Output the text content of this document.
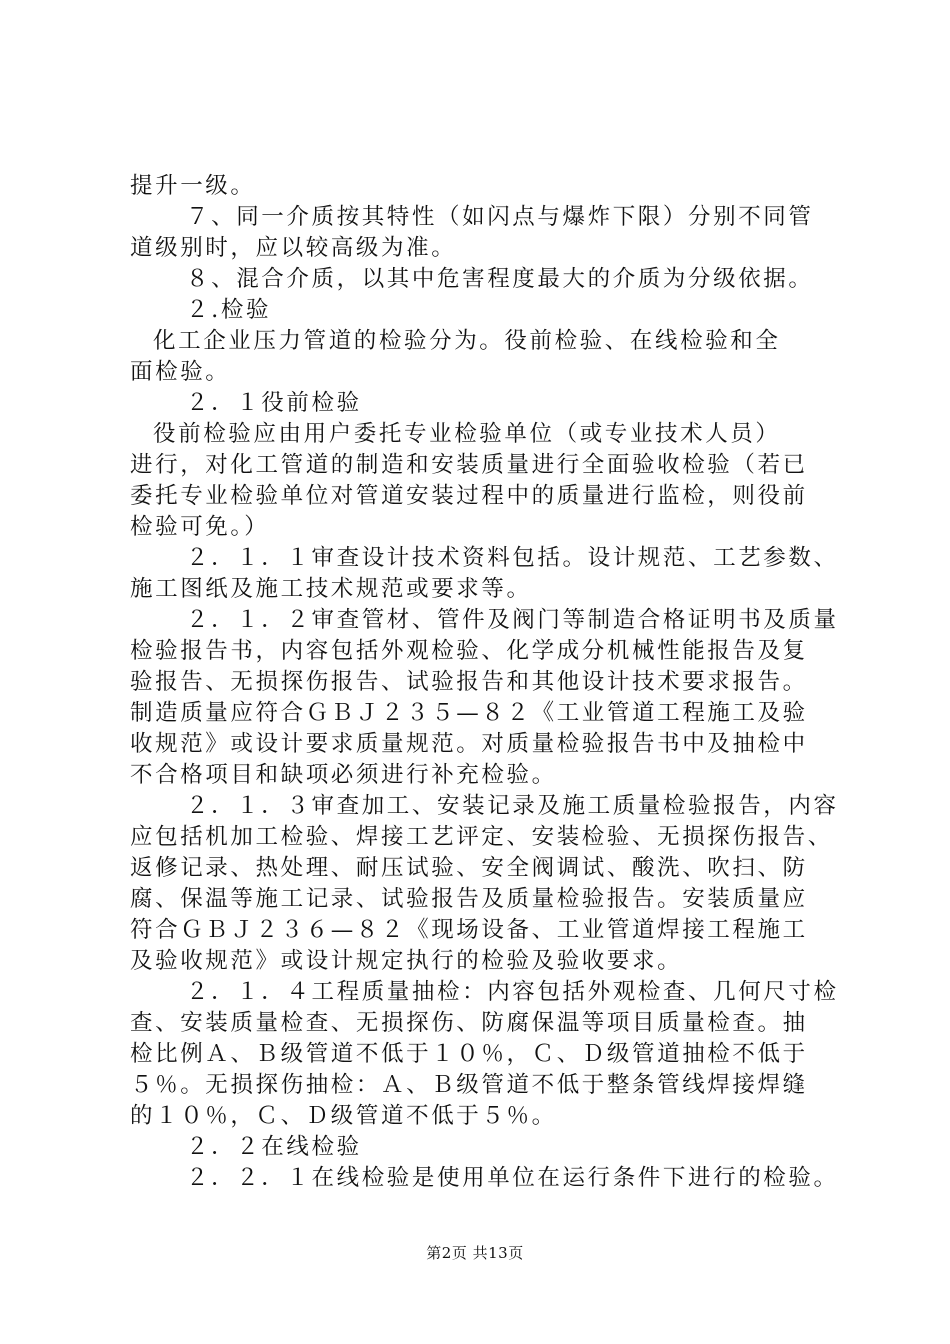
提升一级。
７、同一介质按其特性（如闪点与爆炸下限）分别不同管
道级别时，应以较高级为准。
８、混合介质，以其中危害程度最大的介质为分级依据。
２.检验
化工企业压力管道的检验分为。役前检验、在线检验和全
面检验。
２．１役前检验
役前检验应由用户委托专业检验单位（或专业技术人员）
进行，对化工管道的制造和安装质量进行全面验收检验（若已
委托专业检验单位对管道安装过程中的质量进行监检，则役前
检验可免。）
２．１．１审查设计技术资料包括。设计规范、工艺参数、
施工图纸及施工技术规范或要求等。
２．１．２审查管材、管件及阀门等制造合格证明书及质量
检验报告书，内容包括外观检验、化学成分机械性能报告及复
验报告、无损探伤报告、试验报告和其他设计技术要求报告。
制造质量应符合ＧＢＪ２３５—８２《工业管道工程施工及验
收规范》或设计要求质量规范。对质量检验报告书中及抽检中
不合格项目和缺项必须进行补充检验。
２．１．３审查加工、安装记录及施工质量检验报告，内容
应包括机加工检验、焊接工艺评定、安装检验、无损探伤报告、
返修记录、热处理、耐压试验、安全阀调试、酸洗、吹扫、防
腐、保温等施工记录、试验报告及质量检验报告。安装质量应
符合ＧＢＪ２３６—８２《现场设备、工业管道焊接工程施工
及验收规范》或设计规定执行的检验及验收要求。
２．１．４工程质量抽检：内容包括外观检查、几何尺寸检
查、安装质量检查、无损探伤、防腐保温等项目质量检查。抽
检比例Ａ、Ｂ级管道不低于１０％，Ｃ、Ｄ级管道抽检不低于
５％。无损探伤抽检：Ａ、Ｂ级管道不低于整条管线焊接焊缝
的１０％，Ｃ、Ｄ级管道不低于５％。
２．２在线检验
２．２．１在线检验是使用单位在运行条件下进行的检验。
第2页 共13页
